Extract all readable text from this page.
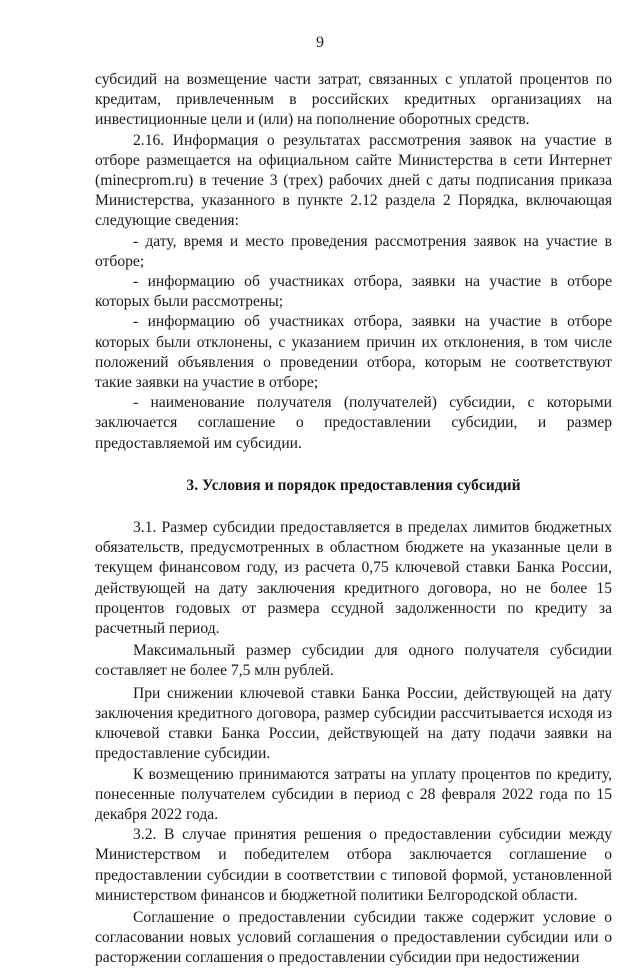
9

субсидий на возмещение части затрат, связанных с уплатой процентов по кредитам, привлеченным в российских кредитных организациях на инвестиционные цели и (или) на пополнение оборотных средств.

2.16. Информация о результатах рассмотрения заявок на участие в отборе размещается на официальном сайте Министерства в сети Интернет (minecprom.ru) в течение 3 (трех) рабочих дней с даты подписания приказа Министерства, указанного в пункте 2.12 раздела 2 Порядка, включающая следующие сведения:

- дату, время и место проведения рассмотрения заявок на участие в отборе;

- информацию об участниках отбора, заявки на участие в отборе которых были рассмотрены;

- информацию об участниках отбора, заявки на участие в отборе которых были отклонены, с указанием причин их отклонения, в том числе положений объявления о проведении отбора, которым не соответствуют такие заявки на участие в отборе;

- наименование получателя (получателей) субсидии, с которыми заключается соглашение о предоставлении субсидии, и размер предоставляемой им субсидии.

3. Условия и порядок предоставления субсидий

3.1. Размер субсидии предоставляется в пределах лимитов бюджетных обязательств, предусмотренных в областном бюджете на указанные цели в текущем финансовом году, из расчета 0,75 ключевой ставки Банка России, действующей на дату заключения кредитного договора, но не более 15 процентов годовых от размера ссудной задолженности по кредиту за расчетный период.

Максимальный размер субсидии для одного получателя субсидии составляет не более 7,5 млн рублей.

При снижении ключевой ставки Банка России, действующей на дату заключения кредитного договора, размер субсидии рассчитывается исходя из ключевой ставки Банка России, действующей на дату подачи заявки на предоставление субсидии.

К возмещению принимаются затраты на уплату процентов по кредиту, понесенные получателем субсидии в период с 28 февраля 2022 года по 15 декабря 2022 года.

3.2. В случае принятия решения о предоставлении субсидии между Министерством и победителем отбора заключается соглашение о предоставлении субсидии в соответствии с типовой формой, установленной министерством финансов и бюджетной политики Белгородской области.

Соглашение о предоставлении субсидии также содержит условие о согласовании новых условий соглашения о предоставлении субсидии или о расторжении соглашения о предоставлении субсидии при недостижении
